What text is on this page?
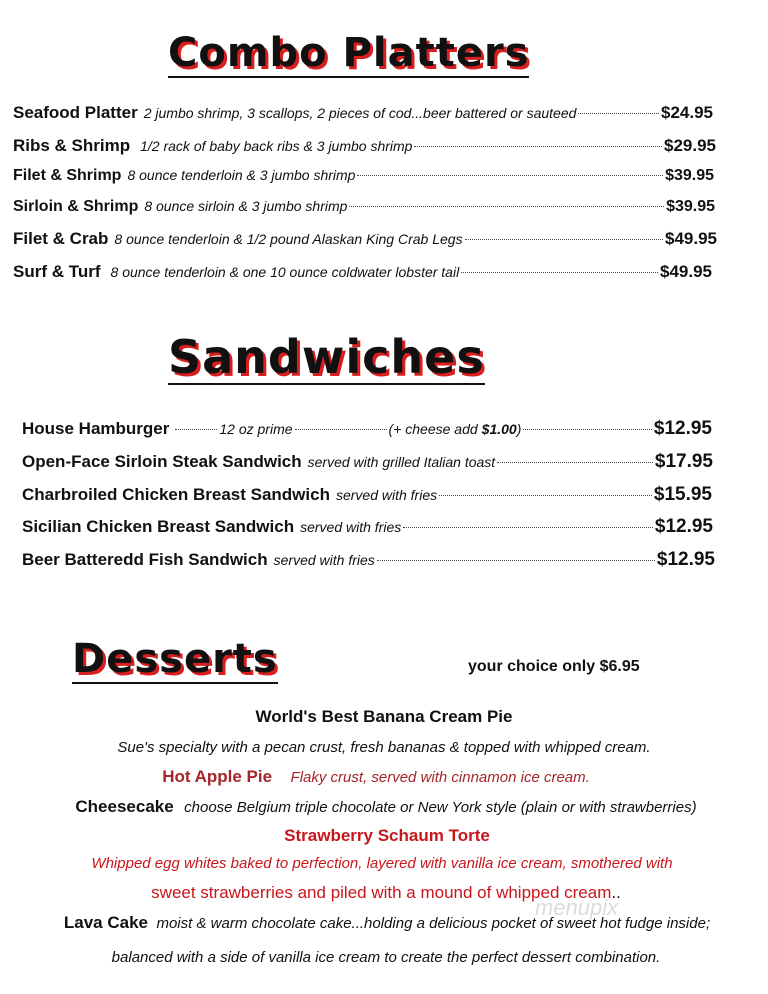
Combo Platters
Seafood Platter 2 jumbo shrimp, 3 scallops, 2 pieces of cod...beer battered or sauteed	$24.95
Ribs & Shrimp 1/2 rack of baby back ribs & 3 jumbo shrimp	$29.95
Filet & Shrimp 8 ounce tenderloin & 3 jumbo shrimp	$39.95
Sirloin & Shrimp 8 ounce sirloin & 3 jumbo shrimp	$39.95
Filet & Crab 8 ounce tenderloin & 1/2 pound Alaskan King Crab Legs	$49.95
Surf & Turf 8 ounce tenderloin & one 10 ounce coldwater lobster tail	$49.95
Sandwiches
House Hamburger	12 oz prime	(+ cheese add $1.00 )	$12.95
Open-Face Sirloin Steak Sandwich served with grilled Italian toast	$17.95
Charbroiled Chicken Breast Sandwich served with fries	$15.95
Sicilian Chicken Breast Sandwich served with fries	$12.95
Beer Batteredd Fish Sandwich served with fries	$12.95
Desserts	your choice only $6.95
World's Best Banana Cream Pie
Sue's specialty with a pecan crust, fresh bananas & topped with whipped cream.
Hot Apple Pie Flaky crust, served with cinnamon ice cream.
Cheesecake choose Belgium triple chocolate or New York style (plain or with strawberries)
Strawberry Schaum Torte
Whipped egg whites baked to perfection, layered with vanilla ice cream, smothered with
sweet strawberries and piled with a mound of whipped cream..
Lava Cake moist & warm chocolate cake...holding a delicious pocket of sweet hot fudge inside;
balanced with a side of vanilla ice cream to create the perfect dessert combination.
menupix
